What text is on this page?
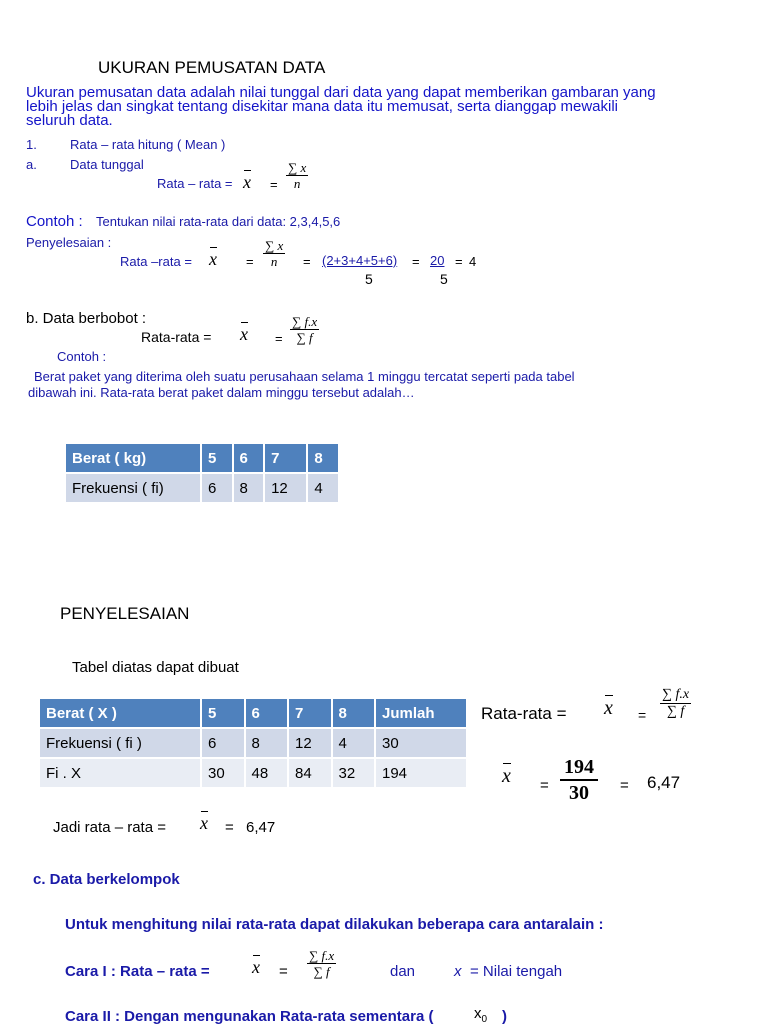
UKURAN PEMUSATAN DATA
Ukuran pemusatan data adalah nilai tunggal dari data yang dapat memberikan gambaran yang
lebih jelas dan singkat tentang disekitar mana data itu memusat, serta dianggap mewakili
seluruh data.
1.	Rata – rata hitung ( Mean )
a.	Data tunggal
Rata – rata = $x = \frac{\sum x}{n}$
Contoh : Tentukan nilai rata-rata dari data: 2,3,4,5,6
Penyelesaian :
Rata –rata = $x = \frac{\sum x}{n} = (2+3+4+5+6) = 20 = 4$
5	5
b. Data berbobot :
Rata-rata = $x = \frac{\sum f.x}{\sum f}$
Contoh :
Berat paket yang diterima oleh suatu perusahaan selama 1 minggu tercatat seperti pada tabel
dibawah ini. Rata-rata berat paket dalam minggu tersebut adalah…
Berat ( kg)	5	6	7	8
Frekuensi ( fi)	6	8	12	4
PENYELESAIAN
Tabel diatas dapat dibuat
Berat ( X )	5	6	7	8	Jumlah
Frekuensi ( fi )	6	8	12	4	30
Fi . X	30	48	84	32	194
Rata-rata = $x = \frac{\sum f.x}{\sum f}$
$x = \frac{194}{30} = 6,47$
Jadi rata – rata = x = 6,47
c. Data berkelompok
Untuk menghitung nilai rata-rata dapat dilakukan beberapa cara antaralain :
Cara I : Rata – rata = $x = \frac{\sum f.x}{\sum f}$	dan	x = Nilai tengah
Cara II : Dengan mengunakan Rata-rata sementara (	$x_0$ )
